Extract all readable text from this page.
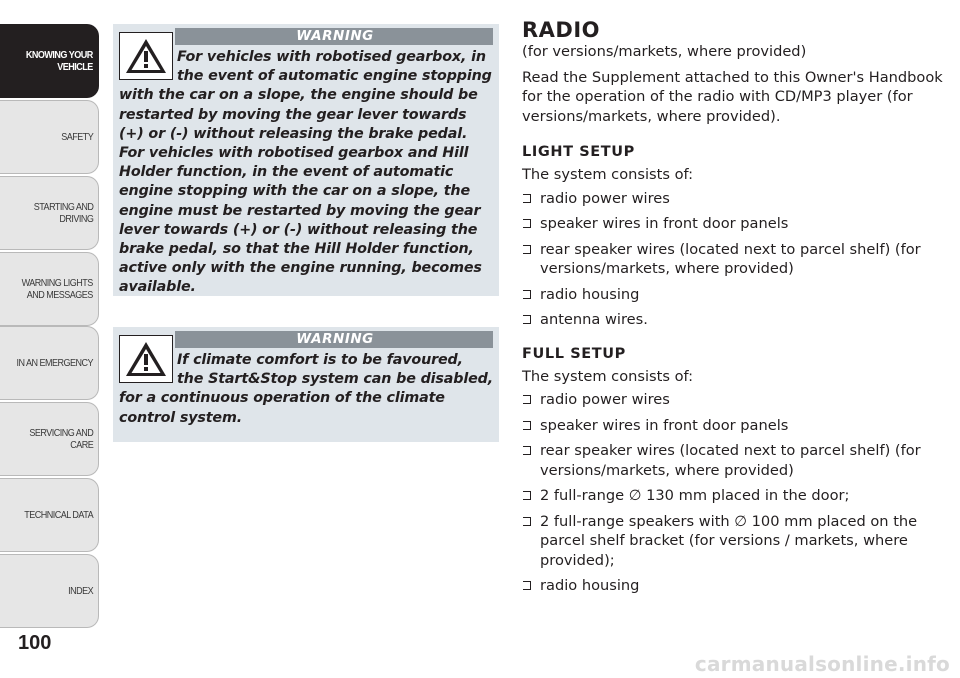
KNOWING YOUR
VEHICLE
SAFETY
STARTING AND
DRIVING
WARNING LIGHTS
AND MESSAGES
IN AN EMERGENCY
SERVICING AND
CARE
TECHNICAL DATA
INDEX
100
WARNING

For vehicles with robotised gearbox, in the event of automatic engine stopping with the car on a slope, the engine should be restarted by moving the gear lever towards (+) or (-) without releasing the brake pedal. For vehicles with robotised gearbox and Hill Holder function, in the event of automatic engine stopping with the car on a slope, the engine must be restarted by moving the gear lever towards (+) or (-) without releasing the brake pedal, so that the Hill Holder function, active only with the engine running, becomes available.

WARNING

If climate comfort is to be favoured, the Start&Stop system can be disabled, for a continuous operation of the climate control system.

RADIO

(for versions/markets, where provided)

Read the Supplement attached to this Owner's Handbook for the operation of the radio with CD/MP3 player (for versions/markets, where provided).

LIGHT SETUP

The system consists of:

radio power wires
speaker wires in front door panels
rear speaker wires (located next to parcel shelf) (for versions/markets, where provided)
radio housing
antenna wires.
FULL SETUP

The system consists of:

radio power wires
speaker wires in front door panels
rear speaker wires (located next to parcel shelf) (for versions/markets, where provided)
2 full-range ∅ 130 mm placed in the door;
2 full-range speakers with ∅ 100 mm placed on the parcel shelf bracket (for versions / markets, where provided);
radio housing
carmanualsonline.info
